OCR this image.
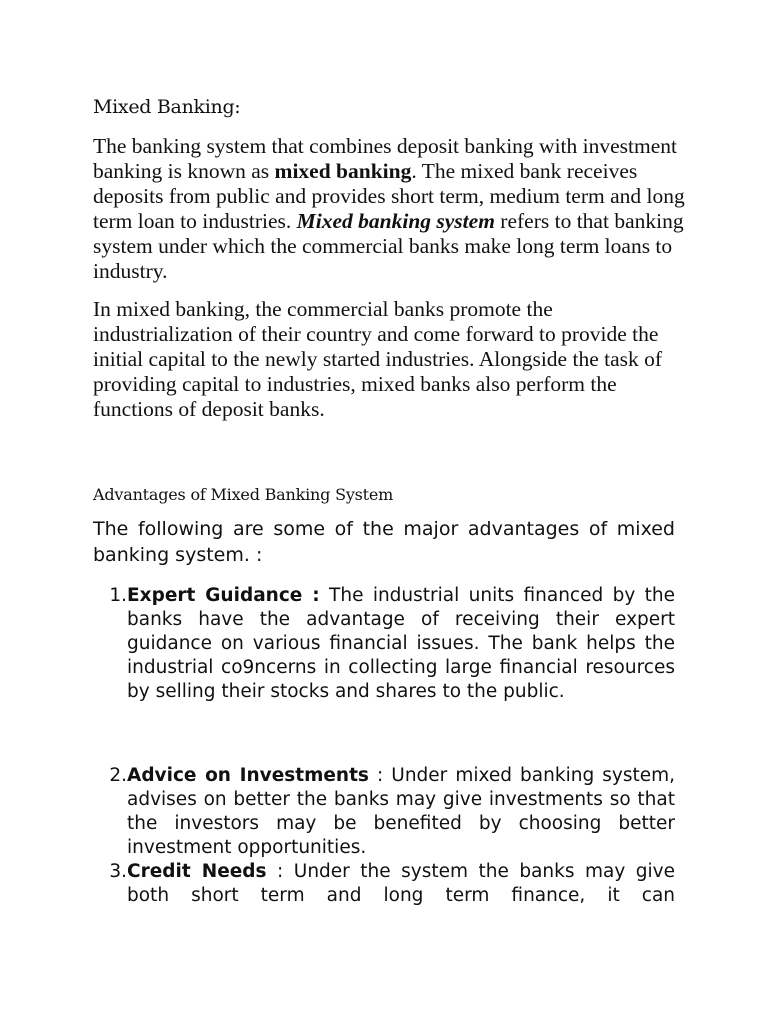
Mixed Banking:

The banking system that combines deposit banking with investment banking is known as mixed banking. The mixed bank receives deposits from public and provides short term, medium term and long term loan to industries. Mixed banking system refers to that banking system under which the commercial banks make long term loans to industry.

In mixed banking, the commercial banks promote the industrialization of their country and come forward to provide the initial capital to the newly started industries. Alongside the task of providing capital to industries, mixed banks also perform the functions of deposit banks.

Advantages of Mixed Banking System

The following are some of the major advantages of mixed banking system. :

1. Expert Guidance : The industrial units financed by the banks have the advantage of receiving their expert guidance on various financial issues. The bank helps the industrial co9ncerns in collecting large financial resources by selling their stocks and shares to the public.
2. Advice on Investments : Under mixed banking system, advises on better the banks may give investments so that the investors may be benefited by choosing better investment opportunities.
3. Credit Needs : Under the system the banks may give both short term and long term finance, it can
